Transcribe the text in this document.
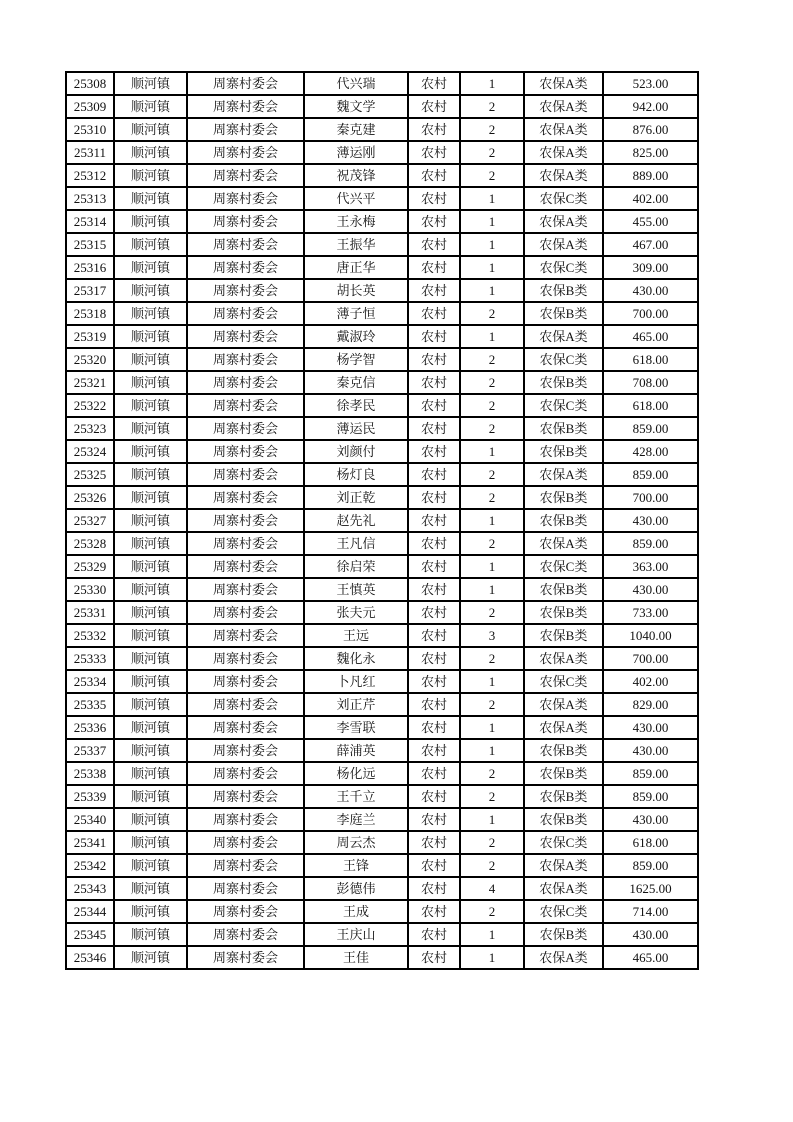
25308	顺河镇	周寨村委会	代兴瑞	农村	1	农保A类	523.00
25309	顺河镇	周寨村委会	魏文学	农村	2	农保A类	942.00
25310	顺河镇	周寨村委会	秦克建	农村	2	农保A类	876.00
25311	顺河镇	周寨村委会	薄运刚	农村	2	农保A类	825.00
25312	顺河镇	周寨村委会	祝茂锋	农村	2	农保A类	889.00
25313	顺河镇	周寨村委会	代兴平	农村	1	农保C类	402.00
25314	顺河镇	周寨村委会	王永梅	农村	1	农保A类	455.00
25315	顺河镇	周寨村委会	王振华	农村	1	农保A类	467.00
25316	顺河镇	周寨村委会	唐正华	农村	1	农保C类	309.00
25317	顺河镇	周寨村委会	胡长英	农村	1	农保B类	430.00
25318	顺河镇	周寨村委会	薄子恒	农村	2	农保B类	700.00
25319	顺河镇	周寨村委会	戴淑玲	农村	1	农保A类	465.00
25320	顺河镇	周寨村委会	杨学智	农村	2	农保C类	618.00
25321	顺河镇	周寨村委会	秦克信	农村	2	农保B类	708.00
25322	顺河镇	周寨村委会	徐孝民	农村	2	农保C类	618.00
25323	顺河镇	周寨村委会	薄运民	农村	2	农保B类	859.00
25324	顺河镇	周寨村委会	刘颜付	农村	1	农保B类	428.00
25325	顺河镇	周寨村委会	杨灯良	农村	2	农保A类	859.00
25326	顺河镇	周寨村委会	刘正乾	农村	2	农保B类	700.00
25327	顺河镇	周寨村委会	赵先礼	农村	1	农保B类	430.00
25328	顺河镇	周寨村委会	王凡信	农村	2	农保A类	859.00
25329	顺河镇	周寨村委会	徐启荣	农村	1	农保C类	363.00
25330	顺河镇	周寨村委会	王慎英	农村	1	农保B类	430.00
25331	顺河镇	周寨村委会	张夫元	农村	2	农保B类	733.00
25332	顺河镇	周寨村委会	王远	农村	3	农保B类	1040.00
25333	顺河镇	周寨村委会	魏化永	农村	2	农保A类	700.00
25334	顺河镇	周寨村委会	卜凡红	农村	1	农保C类	402.00
25335	顺河镇	周寨村委会	刘正芹	农村	2	农保A类	829.00
25336	顺河镇	周寨村委会	李雪联	农村	1	农保A类	430.00
25337	顺河镇	周寨村委会	薛浦英	农村	1	农保B类	430.00
25338	顺河镇	周寨村委会	杨化远	农村	2	农保B类	859.00
25339	顺河镇	周寨村委会	王千立	农村	2	农保B类	859.00
25340	顺河镇	周寨村委会	李庭兰	农村	1	农保B类	430.00
25341	顺河镇	周寨村委会	周云杰	农村	2	农保C类	618.00
25342	顺河镇	周寨村委会	王锋	农村	2	农保A类	859.00
25343	顺河镇	周寨村委会	彭德伟	农村	4	农保A类	1625.00
25344	顺河镇	周寨村委会	王成	农村	2	农保C类	714.00
25345	顺河镇	周寨村委会	王庆山	农村	1	农保B类	430.00
25346	顺河镇	周寨村委会	王佳	农村	1	农保A类	465.00
